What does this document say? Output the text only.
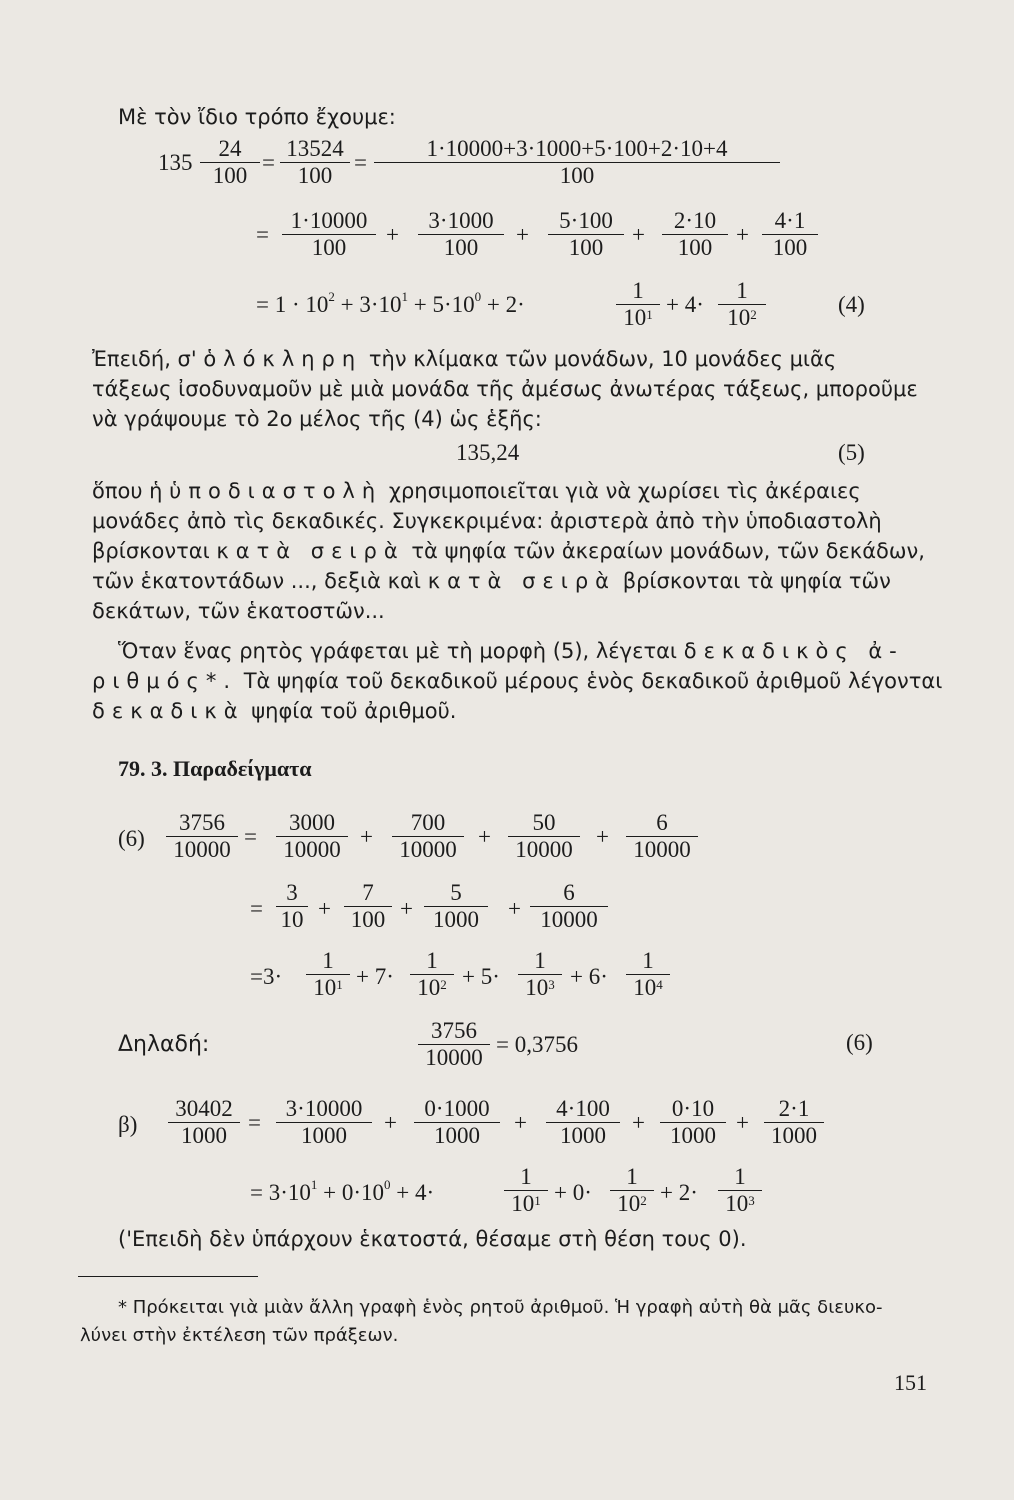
Μὲ τὸν ἴδιο τρόπο ἔχουμε:
$135 \frac{24}{100} = \frac{13524}{100} = \frac{1\cdot 10000+3\cdot 1000+5\cdot 100+2\cdot 10+4}{100}$
= $\frac{1\cdot 10000}{100} + \frac{3\cdot 1000}{100} + \frac{5\cdot 100}{100} + \frac{2\cdot 10}{100} + \frac{4\cdot 1}{100}$
= $1 \cdot 10^2 + 3\cdot 10^1 + 5\cdot 10^0 + 2\cdot$	$\frac{1}{10^1} + 4\cdot \frac{1}{10^2}$	(4)
Ἐπειδή, σ' ὁλόκληρη τὴν κλίμακα τῶν μονάδων, 10 μονάδες μιᾶς
τάξεως ἰσοδυναμοῦν μὲ μιὰ μονάδα τῆς ἀμέσως ἀνωτέρας τάξεως, μποροῦμε
νὰ γράψουμε τὸ 2ο μέλος τῆς (4) ὡς ἑξῆς:
135,24	(5)
ὅπου ἡ ὑποδιαστολὴ χρησιμοποιεῖται γιὰ νὰ χωρίσει τὶς ἀκέραιες
μονάδες ἀπὸ τὶς δεκαδικές. Συγκεκριμένα: ἀριστερὰ ἀπὸ τὴν ὑποδιαστολὴ
βρίσκονται κατὰ σειρὰ τὰ ψηφία τῶν ἀκεραίων μονάδων, τῶν δεκάδων,
τῶν ἑκατοντάδων ..., δεξιὰ καὶ κατὰ σειρὰ βρίσκονται τὰ ψηφία τῶν
δεκάτων, τῶν ἑκατοστῶν...
Ὅταν ἕνας ρητὸς γράφεται μὲ τὴ μορφὴ (5), λέγεται δεκαδικὸς ἀ-
ριθμός*. Τὰ ψηφία τοῦ δεκαδικοῦ μέρους ἑνὸς δεκαδικοῦ ἀριθμοῦ λέγονται
δεκαδικὰ ψηφία τοῦ ἀριθμοῦ.
79. 3. Παραδείγματα
$(6) \frac{3756}{10000} = \frac{3000}{10000} + \frac{700}{10000} + \frac{50}{10000} + \frac{6}{10000}$
= $\frac{3}{10} + \frac{7}{100} + \frac{5}{1000} + \frac{6}{10000}$
$=3\cdot \frac{1}{10^1} + 7\cdot \frac{1}{10^2} + 5\cdot \frac{1}{10^3} + 6\cdot \frac{1}{10^4}$
Δηλαδή:	$\frac{3756}{10000} = 0,3756$	(6)
$\beta) \frac{30402}{1000} = \frac{3\cdot 10000}{1000} + \frac{0\cdot 1000}{1000} + \frac{4\cdot 100}{1000} + \frac{0\cdot 10}{1000} + \frac{2\cdot 1}{1000}$
= $3\cdot 10^1 + 0\cdot 10^0 + 4\cdot$	$\frac{1}{10^1} + 0\cdot \frac{1}{10^2} + 2\cdot \frac{1}{10^3}$
('Επειδὴ δὲν ὑπάρχουν ἑκατοστά, θέσαμε στὴ θέση τους 0).
* Πρόκειται γιὰ μιὰν ἄλλη γραφὴ ἑνὸς ρητοῦ ἀριθμοῦ. Ἡ γραφὴ αὐτὴ θὰ μᾶς διευκο-
λύνει στὴν ἐκτέλεση τῶν πράξεων.
151
